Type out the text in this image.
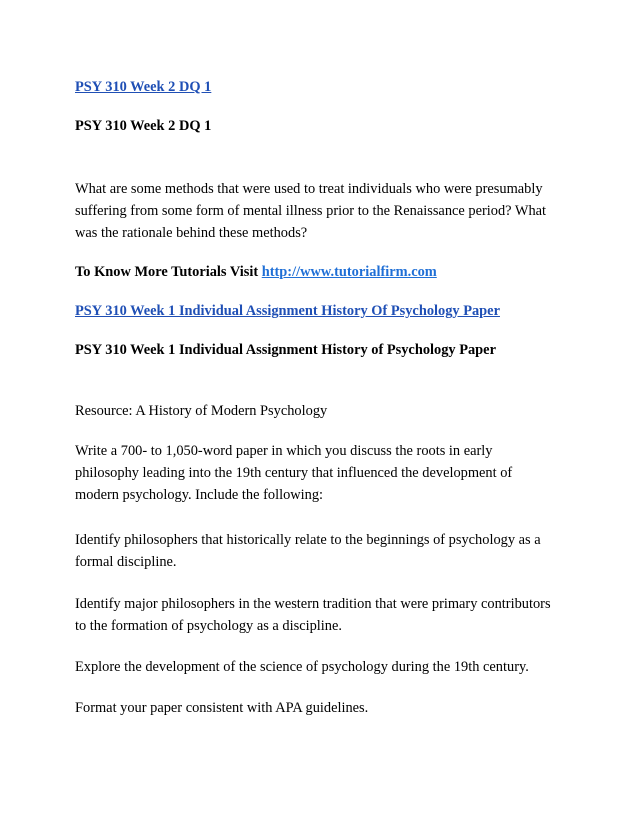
PSY 310 Week 2 DQ 1

PSY 310 Week 2 DQ 1

What are some methods that were used to treat individuals who were presumably

suffering from some form of mental illness prior to the Renaissance period? What

was the rationale behind these methods?

To Know More Tutorials Visit http://www.tutorialfirm.com

PSY 310 Week 1 Individual Assignment History Of Psychology Paper

PSY 310 Week 1 Individual Assignment History of Psychology Paper

Resource: A History of Modern Psychology

Write a 700- to 1,050-word paper in which you discuss the roots in early

philosophy leading into the 19th century that influenced the development of

modern psychology. Include the following:

Identify philosophers that historically relate to the beginnings of psychology as a

formal discipline.

Identify major philosophers in the western tradition that were primary contributors

to the formation of psychology as a discipline.

Explore the development of the science of psychology during the 19th century.

Format your paper consistent with APA guidelines.
